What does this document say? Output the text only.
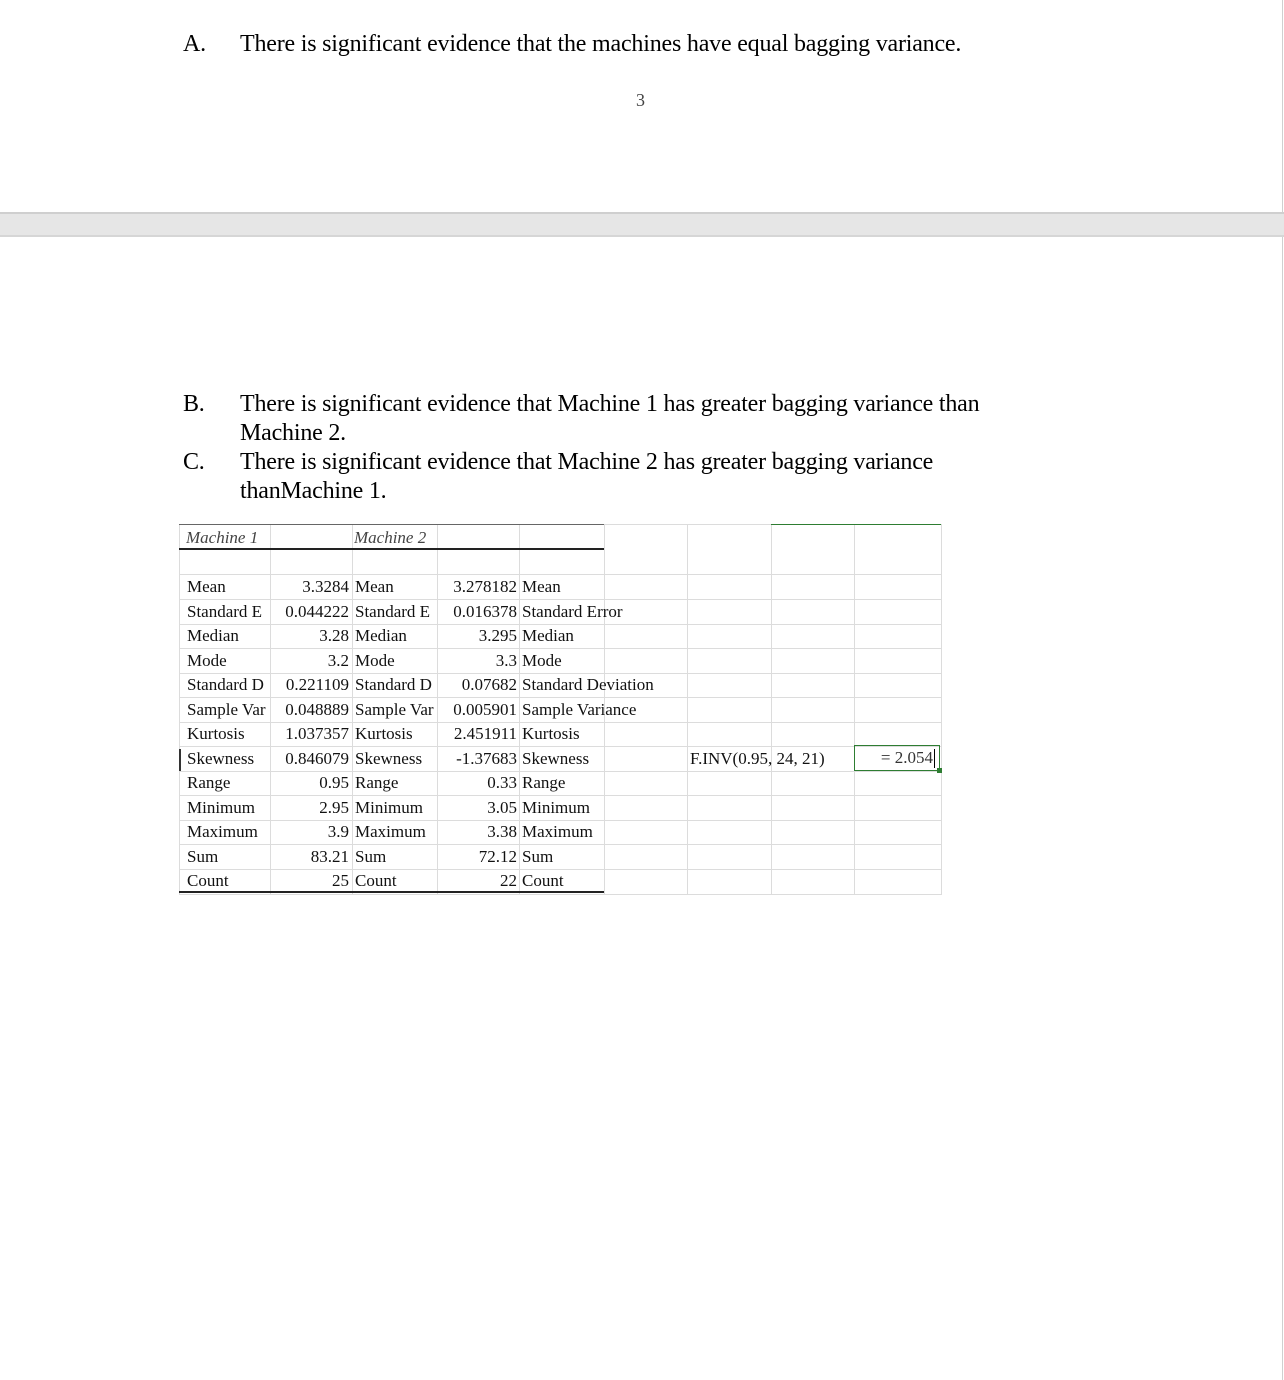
A. There is significant evidence that the machines have equal bagging variance.
3
B. There is significant evidence that Machine 1 has greater bagging variance than Machine 2.
C. There is significant evidence that Machine 2 has greater bagging variance thanMachine 1.
Machine 1	Machine 2
Mean	3.3284 Mean	3.278182 Mean
Standard E	0.044222 Standard E	0.016378 Standard Error
Median	3.28 Median	3.295 Median
Mode	3.2 Mode	3.3 Mode
Standard D	0.221109 Standard D	0.07682 Standard Deviation
Sample Var	0.048889 Sample Var	0.005901 Sample Variance
Kurtosis	1.037357 Kurtosis	2.451911 Kurtosis
Skewness	0.846079 Skewness	-1.37683 Skewness
Range	0.95 Range	0.33 Range
Minimum	2.95 Minimum	3.05 Minimum
Maximum	3.9 Maximum	3.38 Maximum
Sum	83.21 Sum	72.12 Sum
Count	25 Count	22 Count
F.INV(0.95, 24, 21)	= 2.054
